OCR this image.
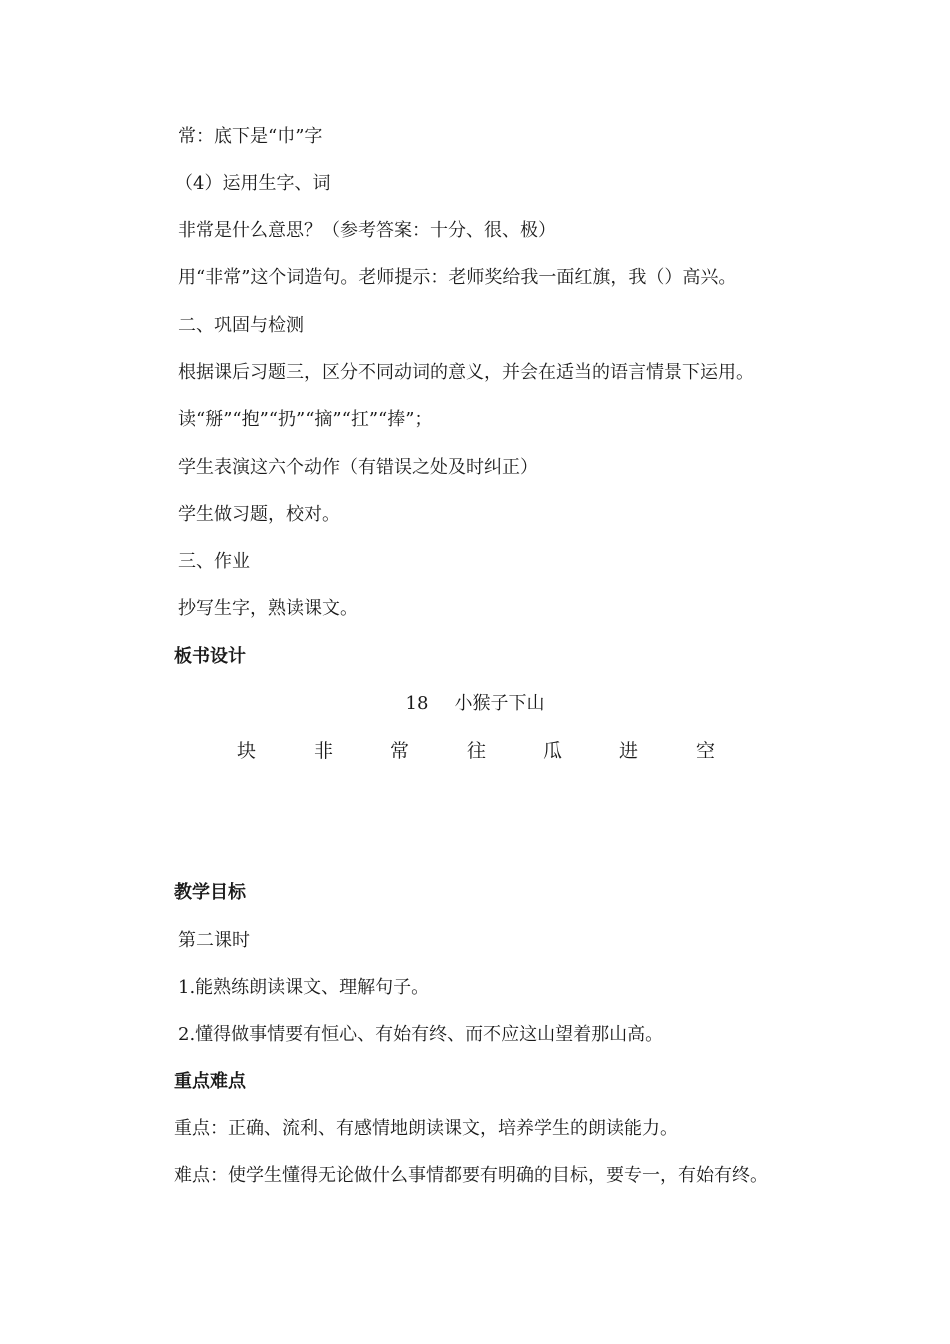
常：底下是“巾”字
（4）运用生字、词
非常是什么意思？（参考答案：十分、很、极）
用“非常”这个词造句。老师提示：老师奖给我一面红旗，我（）高兴。
二、巩固与检测
根据课后习题三，区分不同动词的意义，并会在适当的语言情景下运用。
读“掰”“抱”“扔”“摘”“扛”“捧”；
学生表演这六个动作（有错误之处及时纠正）
学生做习题，校对。
三、作业
抄写生字，熟读课文。
板书设计
18 小猴子下山
块	非	常	往	瓜	进	空
教学目标
第二课时
1.能熟练朗读课文、理解句子。
2.懂得做事情要有恒心、有始有终、而不应这山望着那山高。
重点难点
重点：正确、流利、有感情地朗读课文，培养学生的朗读能力。
难点：使学生懂得无论做什么事情都要有明确的目标，要专一，有始有终。
